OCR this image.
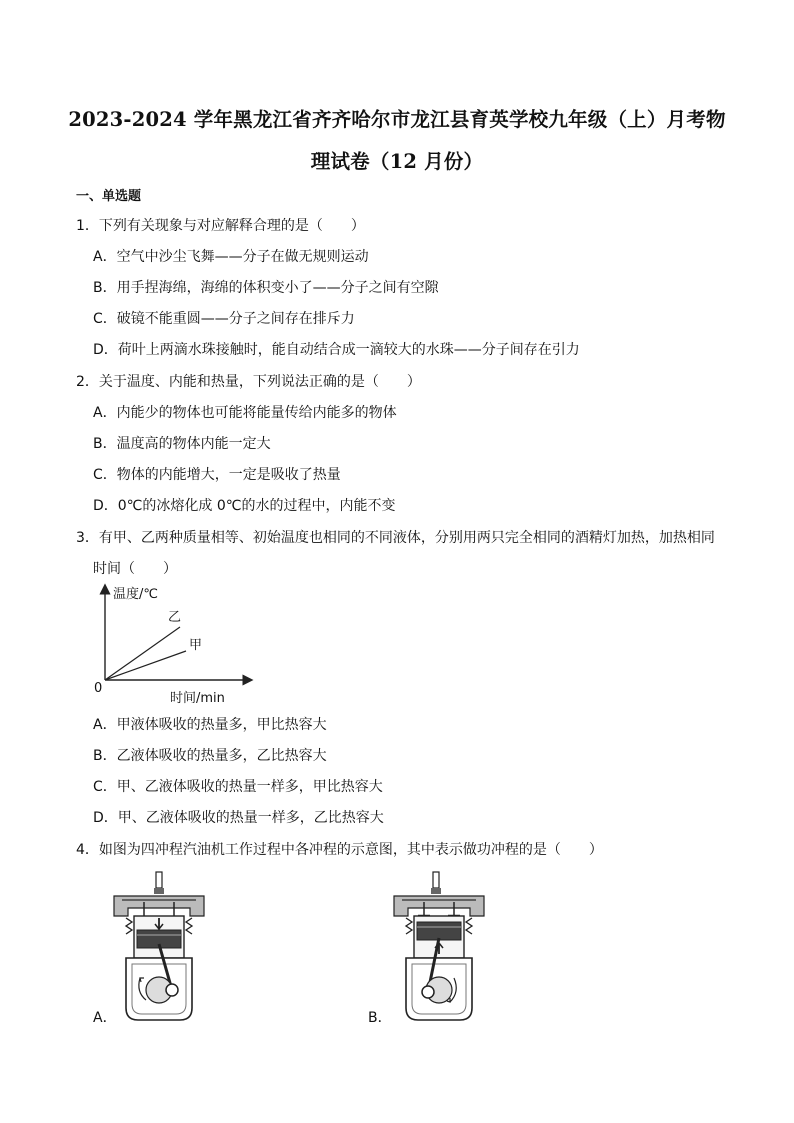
2023-2024 学年黑龙江省齐齐哈尔市龙江县育英学校九年级（上）月考物
理试卷（12 月份）
一、单选题
1．下列有关现象与对应解释合理的是（　　）
A．空气中沙尘飞舞——分子在做无规则运动
B．用手捏海绵，海绵的体积变小了——分子之间有空隙
C．破镜不能重圆——分子之间存在排斥力
D．荷叶上两滴水珠接触时，能自动结合成一滴较大的水珠——分子间存在引力
2．关于温度、内能和热量，下列说法正确的是（　　）
A．内能少的物体也可能将能量传给内能多的物体
B．温度高的物体内能一定大
C．物体的内能增大，一定是吸收了热量
D．0℃的冰熔化成 0℃的水的过程中，内能不变
3．有甲、乙两种质量相等、初始温度也相同的不同液体，分别用两只完全相同的酒精灯加热，加热相同
时间（　　）
温度/℃
乙
甲
0
时间/min
A．甲液体吸收的热量多，甲比热容大
B．乙液体吸收的热量多，乙比热容大
C．甲、乙液体吸收的热量一样多，甲比热容大
D．甲、乙液体吸收的热量一样多，乙比热容大
4．如图为四冲程汽油机工作过程中各冲程的示意图，其中表示做功冲程的是（　　）
A．	B．
